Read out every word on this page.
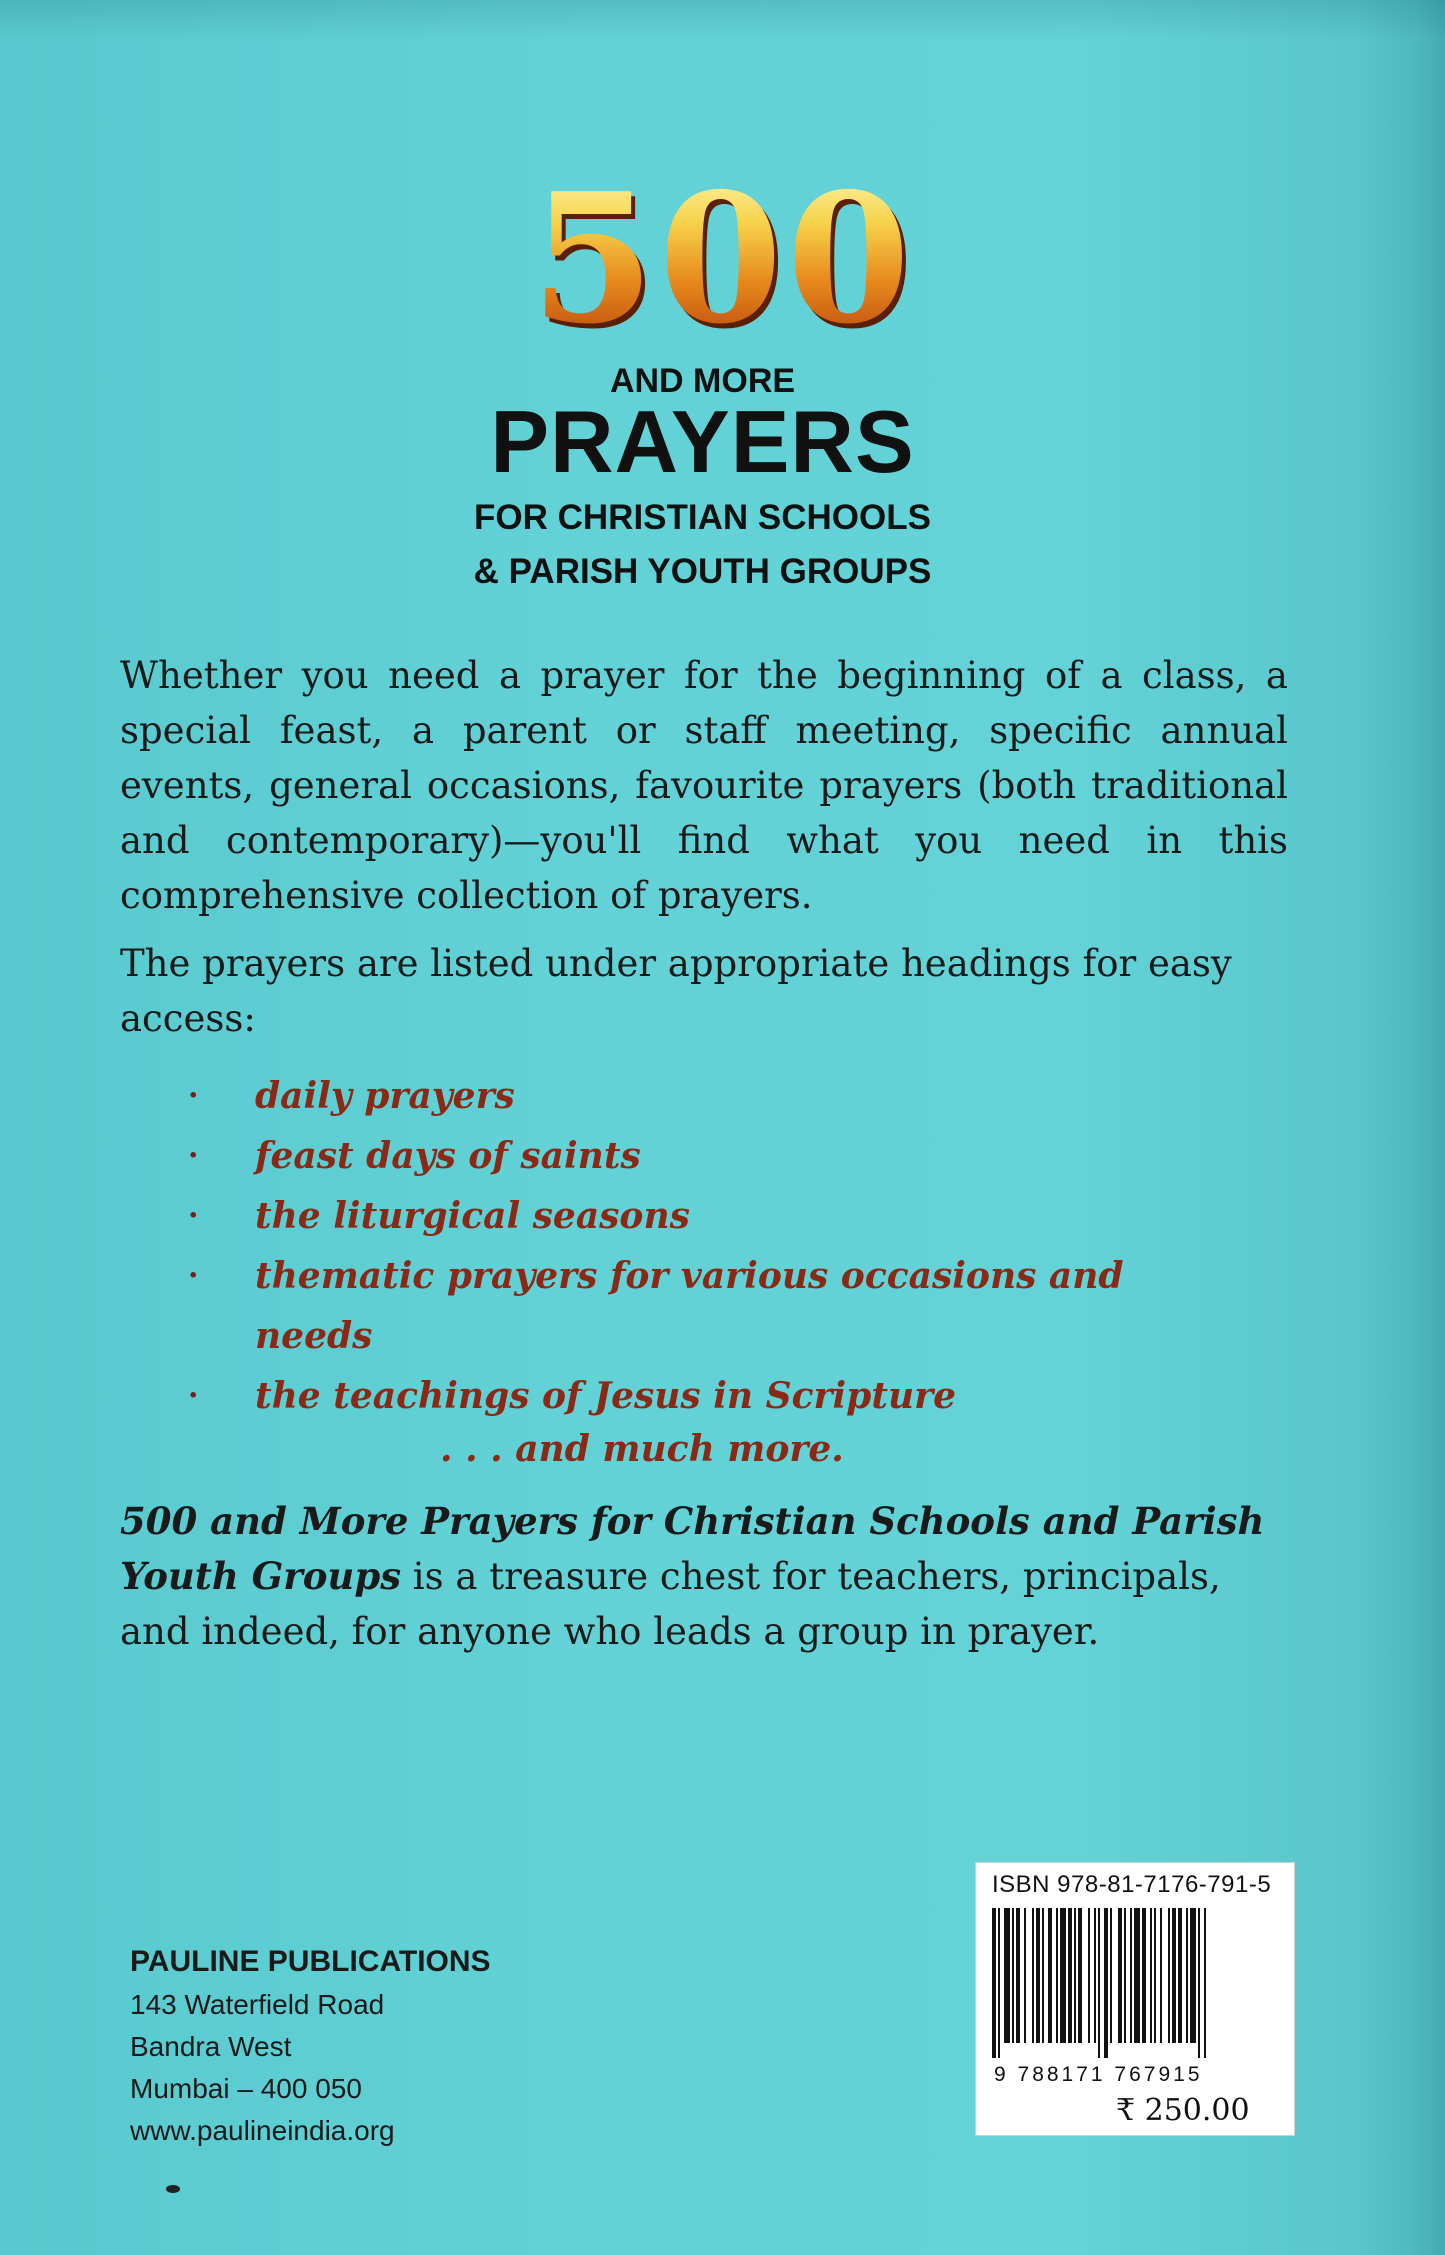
500
AND MORE
PRAYERS
FOR CHRISTIAN SCHOOLS
& PARISH YOUTH GROUPS
Whether you need a prayer for the beginning of a class, a special feast, a parent or staff meeting, specific annual events, general occasions, favourite prayers (both traditional and contemporary)—you'll find what you need in this comprehensive collection of prayers.
The prayers are listed under appropriate headings for easy access:
· daily prayers
· feast days of saints
· the liturgical seasons
· thematic prayers for various occasions and needs
· the teachings of Jesus in Scripture
. . . and much more.
500 and More Prayers for Christian Schools and Parish Youth Groups is a treasure chest for teachers, principals, and indeed, for anyone who leads a group in prayer.
PAULINE PUBLICATIONS
143 Waterfield Road
Bandra West
Mumbai – 400 050
www.paulineindia.org
ISBN 978-81-7176-791-5
9 788171 767915
₹ 250.00
